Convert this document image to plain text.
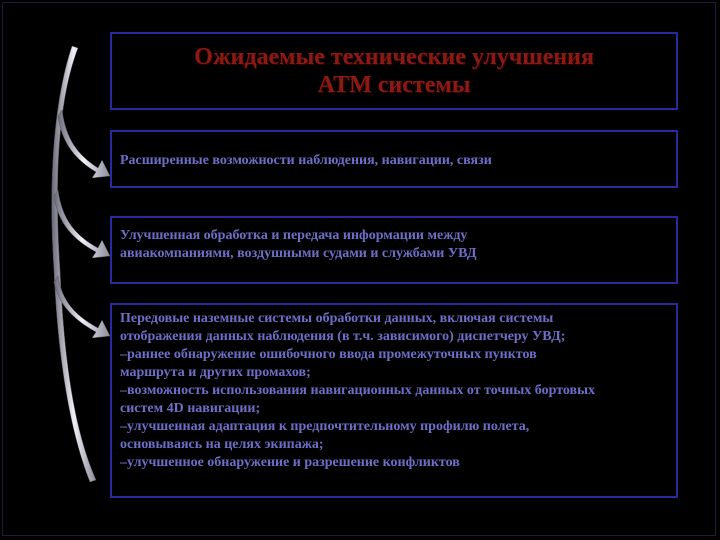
Ожидаемые технические улучшения
ATM системы
Расширенные возможности наблюдения, навигации, связи
Улучшенная обработка и передача информации между
авиакомпаниями, воздушными судами и службами УВД
Передовые наземные системы обработки данных, включая системы
отображения данных наблюдения (в т.ч. зависимого) диспетчеру УВД;
–раннее обнаружение ошибочного ввода промежуточных пунктов
маршрута и других промахов;
–возможность использования навигационных данных от точных бортовых
систем 4D навигации;
–улучшенная адаптация к предпочтительному профилю полета,
основываясь на целях экипажа;
–улучшенное обнаружение и разрешение конфликтов
